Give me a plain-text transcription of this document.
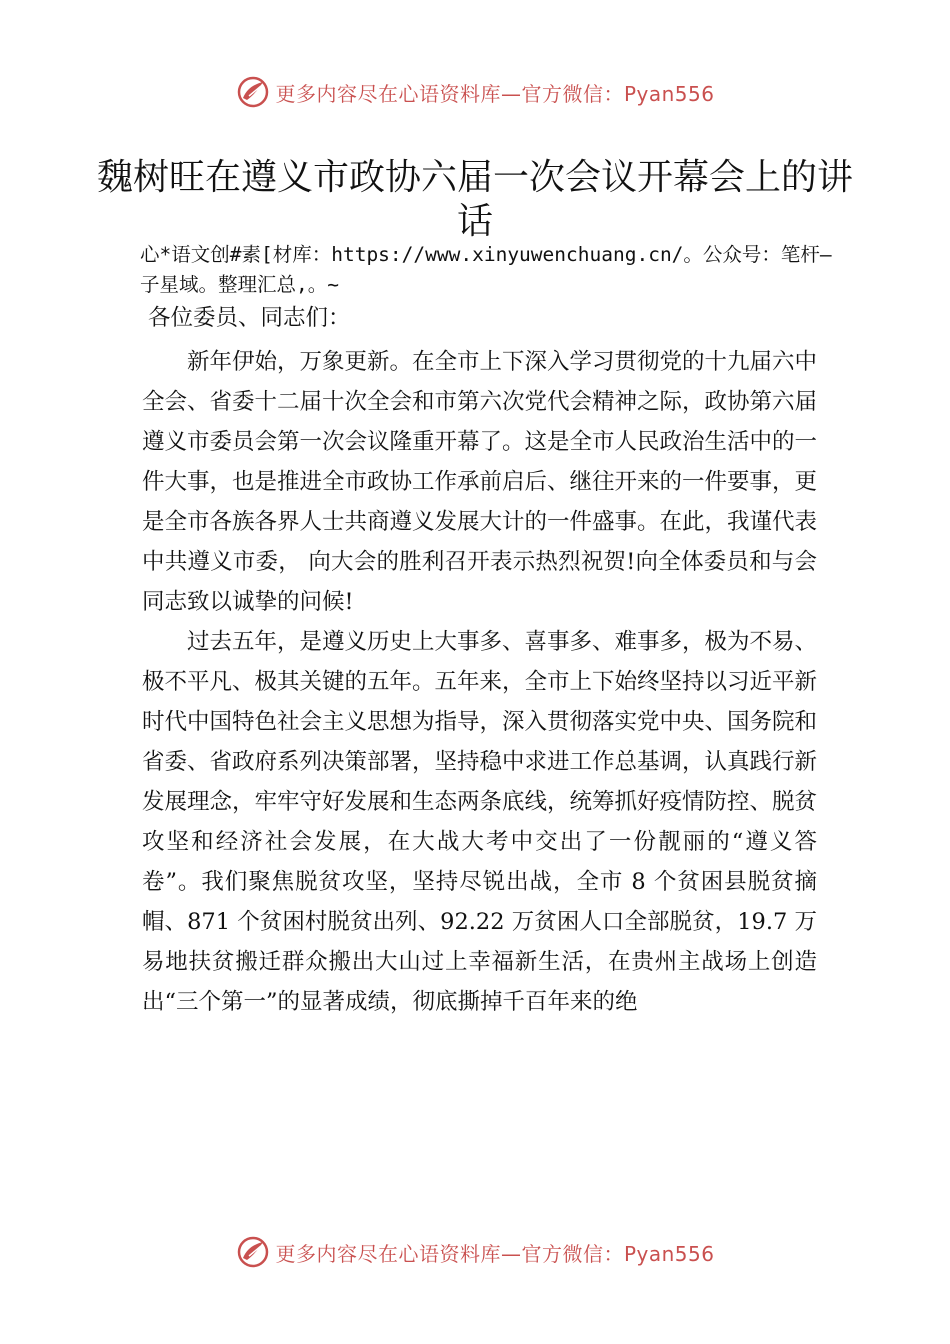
更多内容尽在心语资料库—官方微信：Pyan556
魏树旺在遵义市政协六届一次会议开幕会上的讲话
心*语文创#素[材库：https://www.xinyuwenchuang.cn/。公众号：笔杆—子星域。整理汇总,。~
各位委员、同志们：

新年伊始，万象更新。在全市上下深入学习贯彻党的十九届六中全会、省委十二届十次全会和市第六次党代会精神之际，政协第六届遵义市委员会第一次会议隆重开幕了。这是全市人民政治生活中的一件大事，也是推进全市政协工作承前启后、继往开来的一件要事，更是全市各族各界人士共商遵义发展大计的一件盛事。在此，我谨代表中共遵义市委， 向大会的胜利召开表示热烈祝贺!向全体委员和与会同志致以诚挚的问候!

过去五年，是遵义历史上大事多、喜事多、难事多，极为不易、极不平凡、极其关键的五年。五年来，全市上下始终坚持以习近平新时代中国特色社会主义思想为指导，深入贯彻落实党中央、国务院和省委、省政府系列决策部署，坚持稳中求进工作总基调，认真践行新发展理念，牢牢守好发展和生态两条底线，统筹抓好疫情防控、脱贫攻坚和经济社会发展，在大战大考中交出了一份靓丽的“遵义答卷”。我们聚焦脱贫攻坚，坚持尽锐出战，全市 8 个贫困县脱贫摘帽、871 个贫困村脱贫出列、92.22 万贫困人口全部脱贫，19.7 万易地扶贫搬迁群众搬出大山过上幸福新生活，在贵州主战场上创造出“三个第一”的显著成绩，彻底撕掉千百年来的绝

更多内容尽在心语资料库—官方微信：Pyan556
